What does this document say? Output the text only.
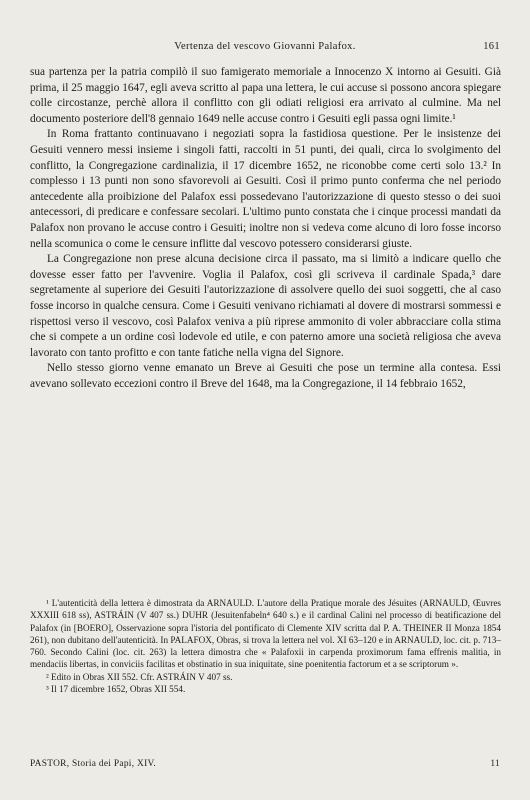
Vertenza del vescovo Giovanni Palafox.	161

sua partenza per la patria compilò il suo famigerato memoriale a Innocenzo X intorno ai Gesuiti. Già prima, il 25 maggio 1647, egli aveva scritto al papa una lettera, le cui accuse si possono ancora spiegare colle circostanze, perchè allora il conflitto con gli odiati religiosi era arrivato al culmine. Ma nel documento posteriore dell'8 gennaio 1649 nelle accuse contro i Gesuiti egli passa ogni limite.¹

In Roma frattanto continuavano i negoziati sopra la fastidiosa questione. Per le insistenze dei Gesuiti vennero messi insieme i singoli fatti, raccolti in 51 punti, dei quali, circa lo svolgimento del conflitto, la Congregazione cardinalizia, il 17 dicembre 1652, ne riconobbe come certi solo 13.² In complesso i 13 punti non sono sfavorevoli ai Gesuiti. Così il primo punto conferma che nel periodo antecedente alla proibizione del Palafox essi possedevano l'autorizzazione di questo stesso o dei suoi antecessori, di predicare e confessare secolari. L'ultimo punto constata che i cinque processi mandati da Palafox non provano le accuse contro i Gesuiti; inoltre non si vedeva come alcuno di loro fosse incorso nella scomunica o come le censure inflitte dal vescovo potessero considerarsi giuste.

La Congregazione non prese alcuna decisione circa il passato, ma si limitò a indicare quello che dovesse esser fatto per l'avvenire. Voglia il Palafox, così gli scriveva il cardinale Spada,³ dare segretamente al superiore dei Gesuiti l'autorizzazione di assolvere quello dei suoi soggetti, che al caso fosse incorso in qualche censura. Come i Gesuiti venivano richiamati al dovere di mostrarsi sommessi e rispettosi verso il vescovo, così Palafox veniva a più riprese ammonito di voler abbracciare colla stima che si compete a un ordine così lodevole ed utile, e con paterno amore una società religiosa che aveva lavorato con tanto profitto e con tante fatiche nella vigna del Signore.

Nello stesso giorno venne emanato un Breve ai Gesuiti che pose un termine alla contesa. Essi avevano sollevato eccezioni contro il Breve del 1648, ma la Congregazione, il 14 febbraio 1652,

¹ L'autenticità della lettera è dimostrata da ARNAULD. L'autore della Pratique morale des Jésuites (ARNAULD, Œuvres XXXIII 618 ss), ASTRÁIN (V 407 ss.) DUHR (Jesuitenfabeln⁴ 640 s.) e il cardinal Calini nel processo di beatificazione del Palafox (in [BOERO], Osservazione sopra l'istoria del pontificato di Clemente XIV scritta dal P. A. THEINER II Monza 1854 261), non dubitano dell'autenticità. In PALAFOX, Obras, si trova la lettera nel vol. XI 63–120 e in ARNAULD, loc. cit. p. 713–760. Secondo Calini (loc. cit. 263) la lettera dimostra che « Palafoxii in carpenda proximorum fama effrenis malitia, in mendaciis libertas, in conviciis facilitas et obstinatio in sua iniquitate, sine poenitentia factorum et a se scriptorum ».

² Edito in Obras XII 552. Cfr. ASTRÁIN V 407 ss.

³ Il 17 dicembre 1652, Obras XII 554.

PASTOR, Storia dei Papi, XIV.	11
